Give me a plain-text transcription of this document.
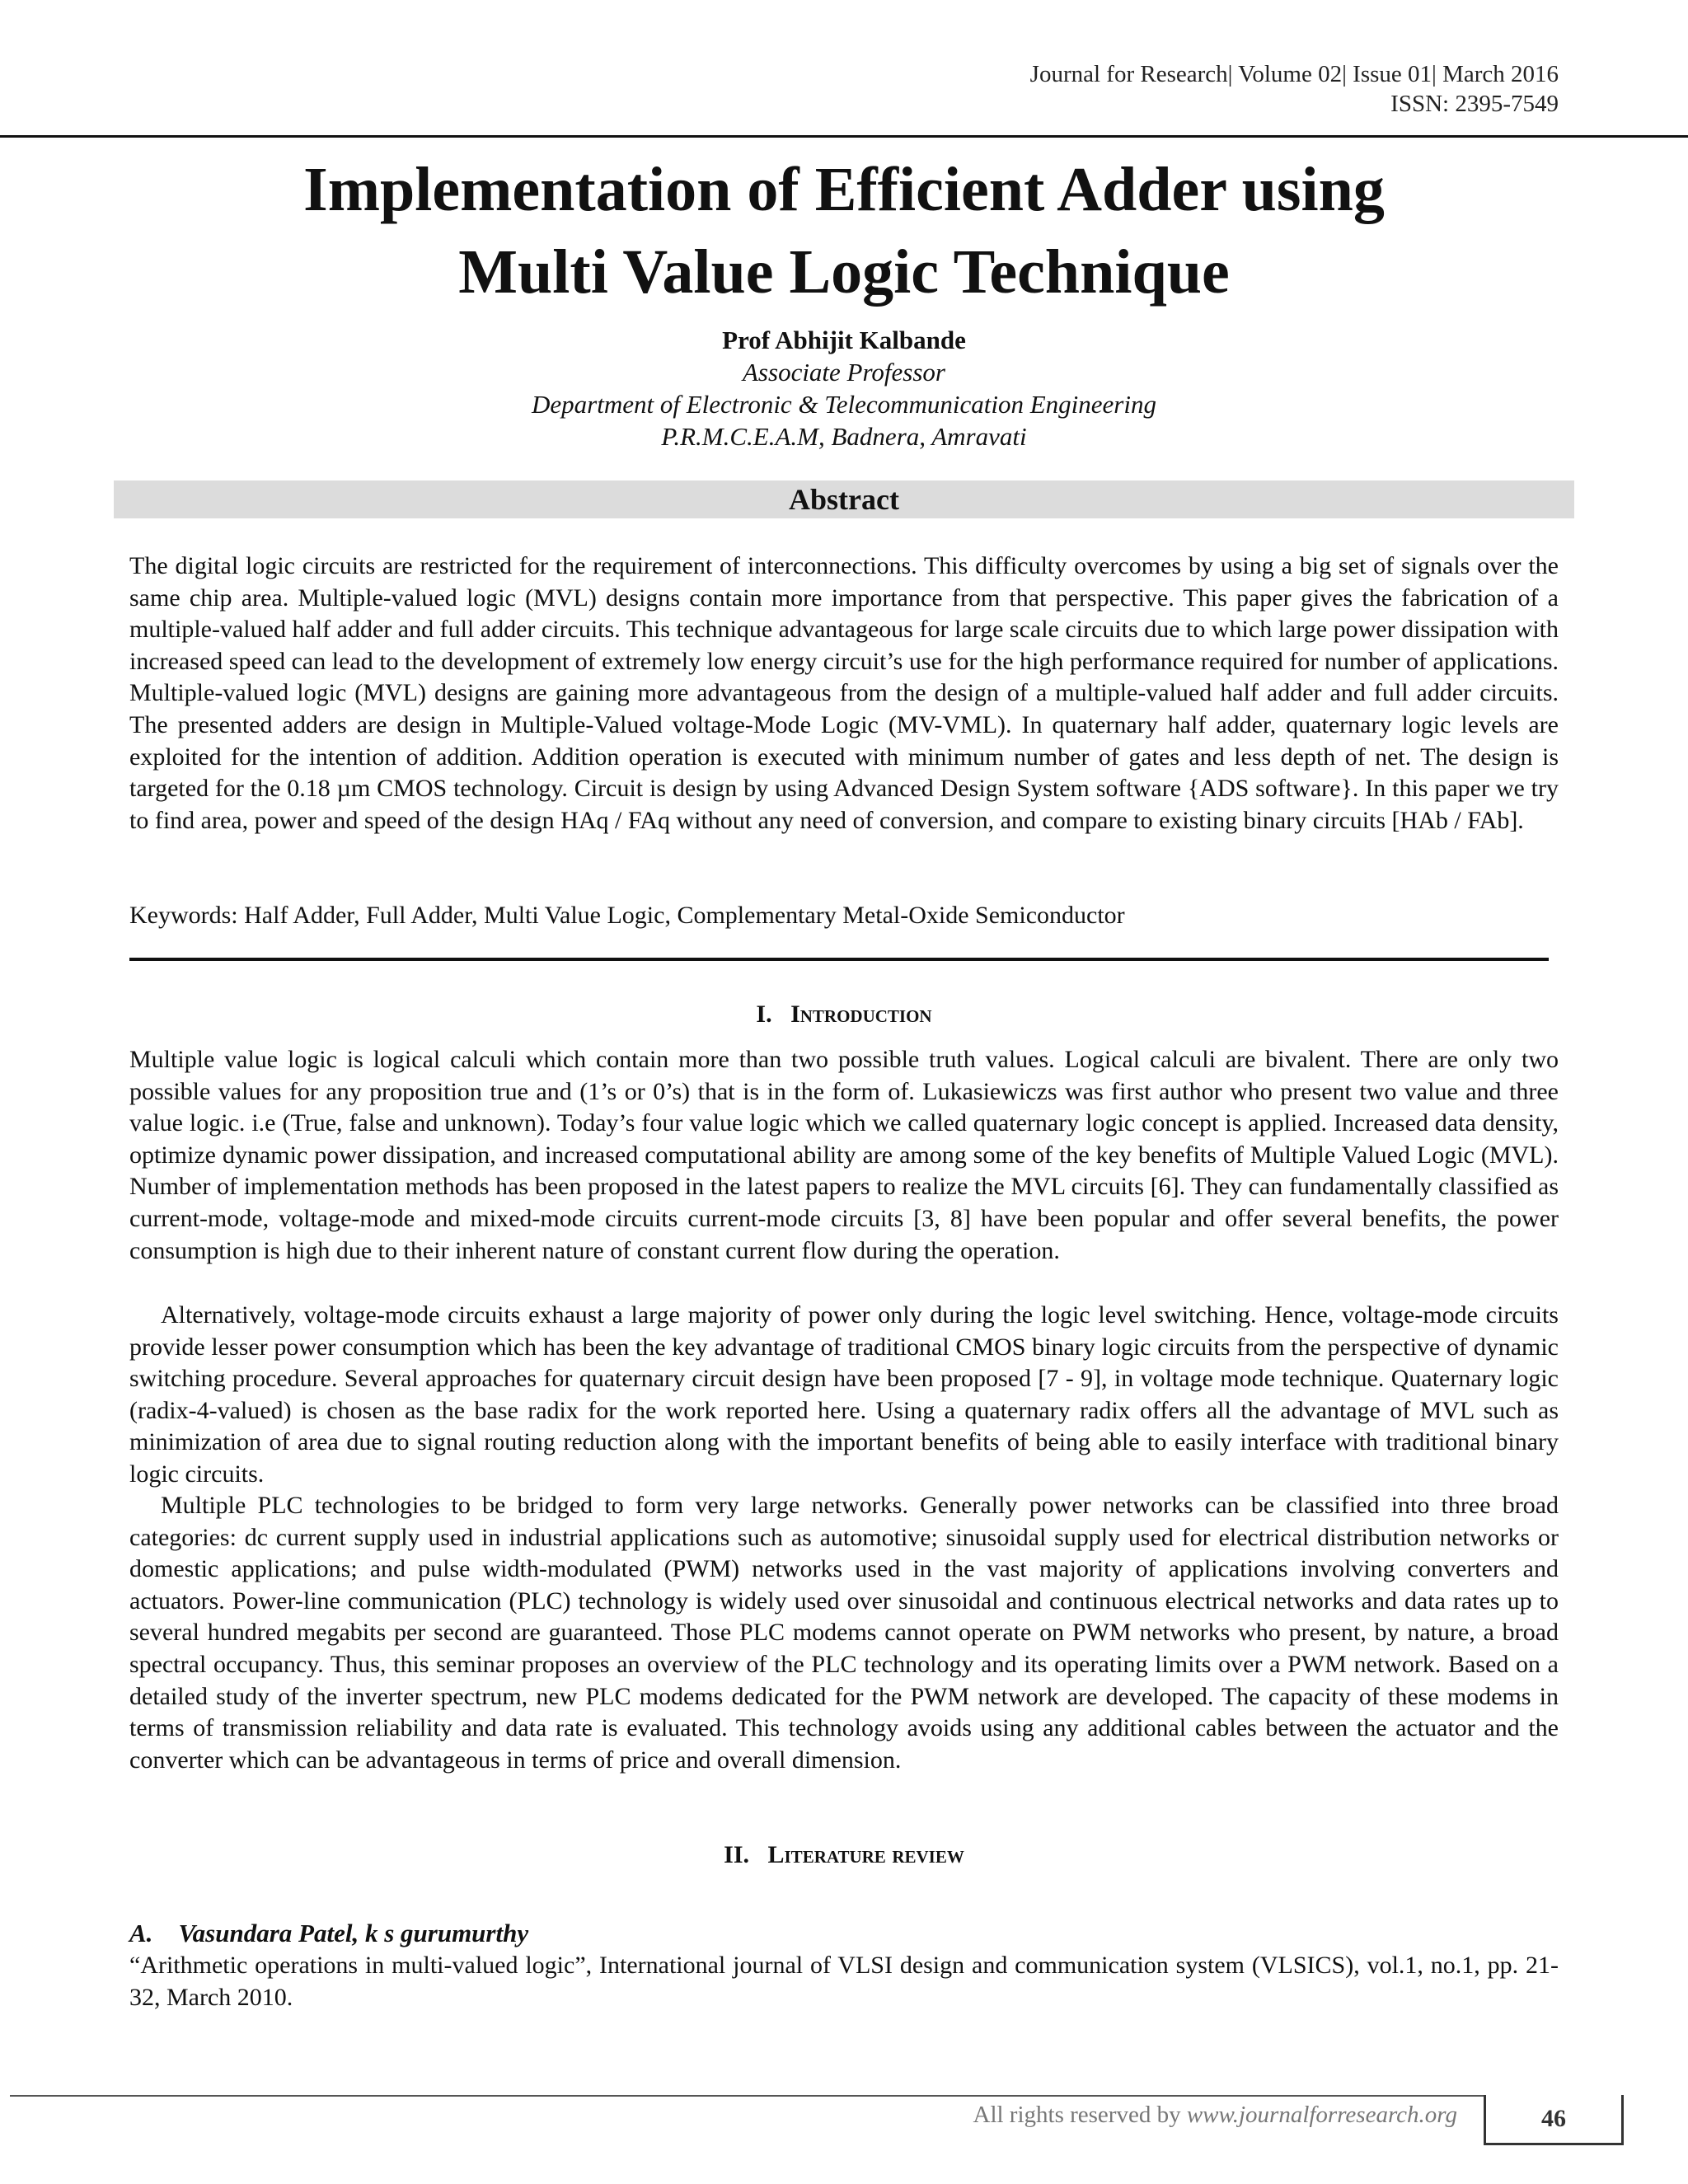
Journal for Research| Volume 02| Issue 01| March 2016
ISSN: 2395-7549
Implementation of Efficient Adder using
Multi Value Logic Technique
Prof Abhijit Kalbande
Associate Professor
Department of Electronic & Telecommunication Engineering
P.R.M.C.E.A.M, Badnera, Amravati
Abstract

The digital logic circuits are restricted for the requirement of interconnections. This difficulty overcomes by using a big set of signals over the same chip area. Multiple-valued logic (MVL) designs contain more importance from that perspective. This paper gives the fabrication of a multiple-valued half adder and full adder circuits. This technique advantageous for large scale circuits due to which large power dissipation with increased speed can lead to the development of extremely low energy circuit’s use for the high performance required for number of applications. Multiple-valued logic (MVL) designs are gaining more advantageous from the design of a multiple-valued half adder and full adder circuits. The presented adders are design in Multiple-Valued voltage-Mode Logic (MV-VML). In quaternary half adder, quaternary logic levels are exploited for the intention of addition. Addition operation is executed with minimum number of gates and less depth of net. The design is targeted for the 0.18 µm CMOS technology. Circuit is design by using Advanced Design System software {ADS software}. In this paper we try to find area, power and speed of the design HAq / FAq without any need of conversion, and compare to existing binary circuits [HAb / FAb].

Keywords: Half Adder, Full Adder, Multi Value Logic, Complementary Metal-Oxide Semiconductor

I. Introduction

Multiple value logic is logical calculi which contain more than two possible truth values. Logical calculi are bivalent. There are only two possible values for any proposition true and (1’s or 0’s) that is in the form of. Lukasiewiczs was first author who present two value and three value logic. i.e (True, false and unknown). Today’s four value logic which we called quaternary logic concept is applied. Increased data density, optimize dynamic power dissipation, and increased computational ability are among some of the key benefits of Multiple Valued Logic (MVL). Number of implementation methods has been proposed in the latest papers to realize the MVL circuits [6]. They can fundamentally classified as current-mode, voltage-mode and mixed-mode circuits current-mode circuits [3, 8] have been popular and offer several benefits, the power consumption is high due to their inherent nature of constant current flow during the operation.

Alternatively, voltage-mode circuits exhaust a large majority of power only during the logic level switching. Hence, voltage-mode circuits provide lesser power consumption which has been the key advantage of traditional CMOS binary logic circuits from the perspective of dynamic switching procedure. Several approaches for quaternary circuit design have been proposed [7 - 9], in voltage mode technique. Quaternary logic (radix-4-valued) is chosen as the base radix for the work reported here. Using a quaternary radix offers all the advantage of MVL such as minimization of area due to signal routing reduction along with the important benefits of being able to easily interface with traditional binary logic circuits.

Multiple PLC technologies to be bridged to form very large networks. Generally power networks can be classified into three broad categories: dc current supply used in industrial applications such as automotive; sinusoidal supply used for electrical distribution networks or domestic applications; and pulse width-modulated (PWM) networks used in the vast majority of applications involving converters and actuators. Power-line communication (PLC) technology is widely used over sinusoidal and continuous electrical networks and data rates up to several hundred megabits per second are guaranteed. Those PLC modems cannot operate on PWM networks who present, by nature, a broad spectral occupancy. Thus, this seminar proposes an overview of the PLC technology and its operating limits over a PWM network. Based on a detailed study of the inverter spectrum, new PLC modems dedicated for the PWM network are developed. The capacity of these modems in terms of transmission reliability and data rate is evaluated. This technology avoids using any additional cables between the actuator and the converter which can be advantageous in terms of price and overall dimension.

II. Literature review

A. Vasundara Patel, k s gurumurthy

“Arithmetic operations in multi-valued logic”, International journal of VLSI design and communication system (VLSICS), vol.1, no.1, pp. 21-32, March 2010.

All rights reserved by www.journalforresearch.org	46
